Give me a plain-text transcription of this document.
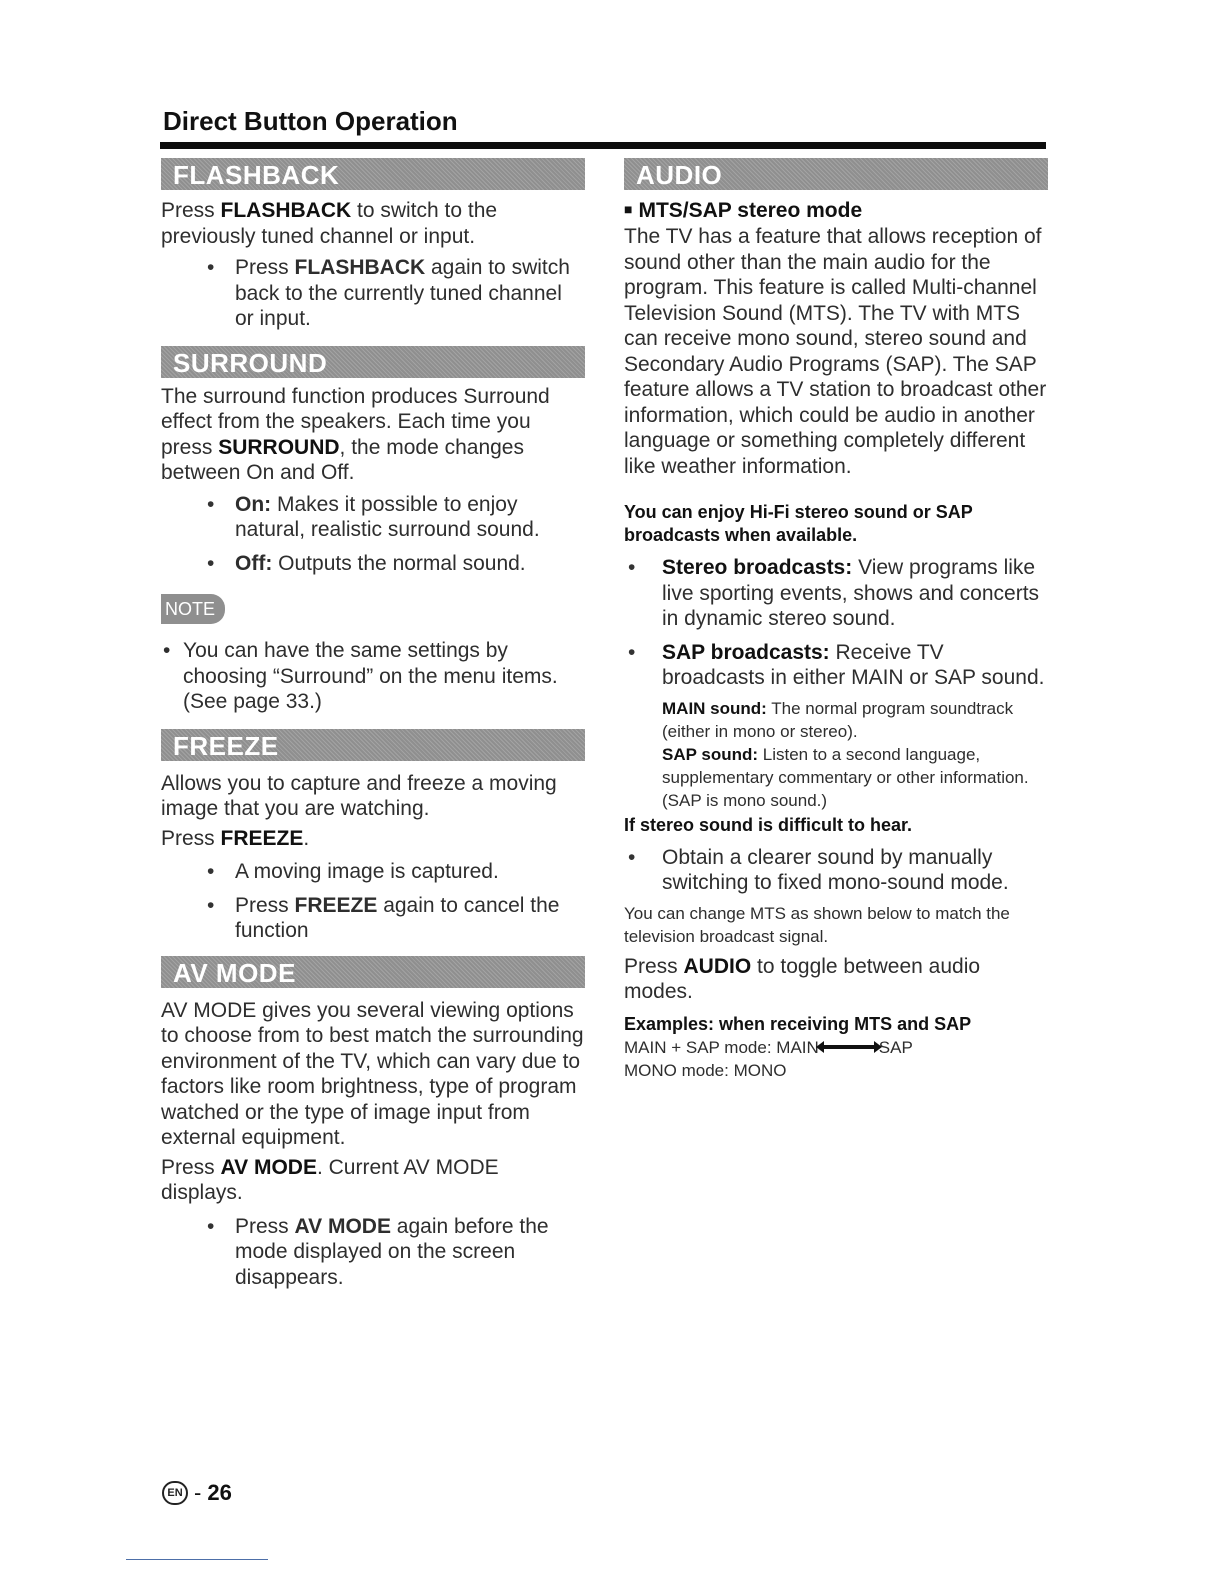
Direct Button Operation
FLASHBACK

Press FLASHBACK to switch to the previously tuned channel or input.

• Press FLASHBACK again to switch back to the currently tuned channel or input.
SURROUND

The surround function produces Surround effect from the speakers. Each time you press SURROUND, the mode changes between On and Off.

• On: Makes it possible to enjoy natural, realistic surround sound.
• Off: Outputs the normal sound.
NOTE

• You can have the same settings by choosing “Surround” on the menu items. (See page 33.)

FREEZE

Allows you to capture and freeze a moving image that you are watching.

Press FREEZE.

• A moving image is captured.
• Press FREEZE again to cancel the function
AV MODE

AV MODE gives you several viewing options to choose from to best match the surrounding environment of the TV, which can vary due to factors like room brightness, type of program watched or the type of image input from external equipment.

Press AV MODE. Current AV MODE displays.

• Press AV MODE again before the mode displayed on the screen disappears.
AUDIO

■ MTS/SAP stereo mode

The TV has a feature that allows reception of sound other than the main audio for the program. This feature is called Multi-channel Television Sound (MTS). The TV with MTS can receive mono sound, stereo sound and Secondary Audio Programs (SAP). The SAP feature allows a TV station to broadcast other information, which could be audio in another language or something completely different like weather information.

You can enjoy Hi-Fi stereo sound or SAP broadcasts when available.

• Stereo broadcasts: View programs like live sporting events, shows and concerts in dynamic stereo sound.
• SAP broadcasts: Receive TV broadcasts in either MAIN or SAP sound.

MAIN sound: The normal program soundtrack (either in mono or stereo).

SAP sound: Listen to a second language, supplementary commentary or other information. (SAP is mono sound.)

If stereo sound is difficult to hear.

• Obtain a clearer sound by manually switching to fixed mono-sound mode.

You can change MTS as shown below to match the television broadcast signal.

Press AUDIO to toggle between audio modes.

Examples: when receiving MTS and SAP

MAIN + SAP mode: MAIN	SAP

MONO mode: MONO

EN - 26
